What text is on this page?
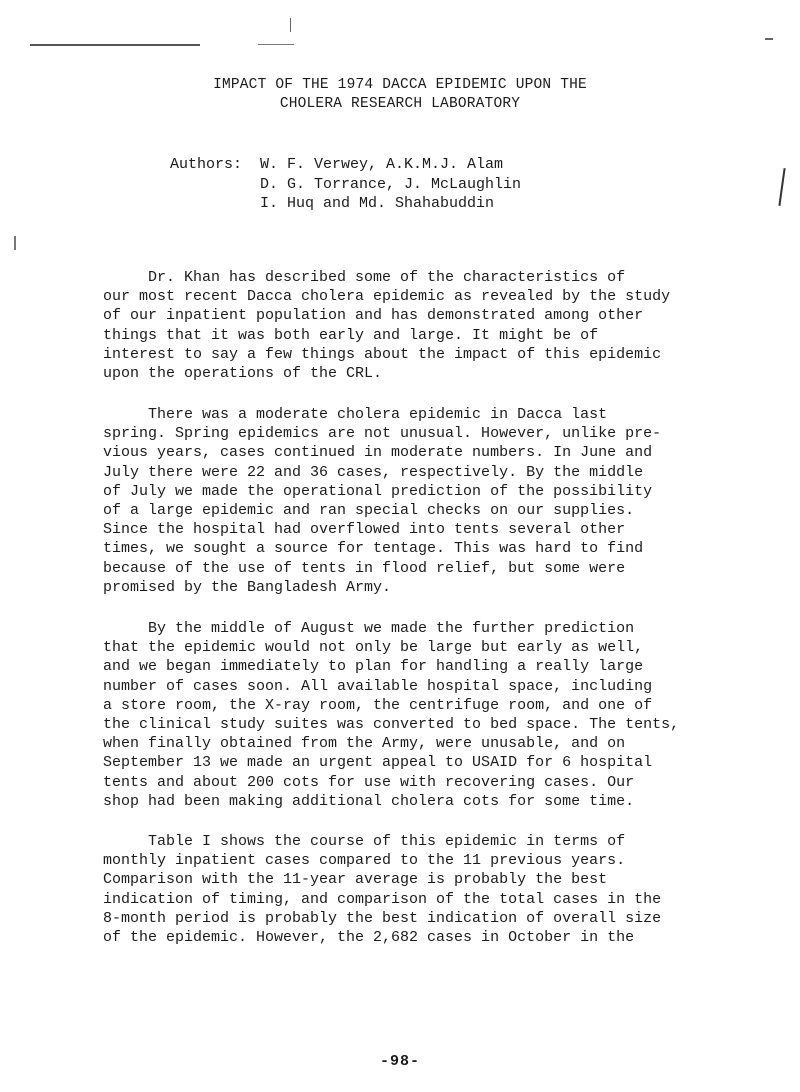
IMPACT OF THE 1974 DACCA EPIDEMIC UPON THE
CHOLERA RESEARCH LABORATORY
Authors: W. F. Verwey, A.K.M.J. Alam
D. G. Torrance, J. McLaughlin
I. Huq and Md. Shahabuddin
Dr. Khan has described some of the characteristics of
our most recent Dacca cholera epidemic as revealed by the study
of our inpatient population and has demonstrated among other
things that it was both early and large. It might be of
interest to say a few things about the impact of this epidemic
upon the operations of the CRL.
There was a moderate cholera epidemic in Dacca last
spring. Spring epidemics are not unusual. However, unlike pre-
vious years, cases continued in moderate numbers. In June and
July there were 22 and 36 cases, respectively. By the middle
of July we made the operational prediction of the possibility
of a large epidemic and ran special checks on our supplies.
Since the hospital had overflowed into tents several other
times, we sought a source for tentage. This was hard to find
because of the use of tents in flood relief, but some were
promised by the Bangladesh Army.
By the middle of August we made the further prediction
that the epidemic would not only be large but early as well,
and we began immediately to plan for handling a really large
number of cases soon. All available hospital space, including
a store room, the X-ray room, the centrifuge room, and one of
the clinical study suites was converted to bed space. The tents,
when finally obtained from the Army, were unusable, and on
September 13 we made an urgent appeal to USAID for 6 hospital
tents and about 200 cots for use with recovering cases. Our
shop had been making additional cholera cots for some time.
Table I shows the course of this epidemic in terms of
monthly inpatient cases compared to the 11 previous years.
Comparison with the 11-year average is probably the best
indication of timing, and comparison of the total cases in the
8-month period is probably the best indication of overall size
of the epidemic. However, the 2,682 cases in October in the
-98-
